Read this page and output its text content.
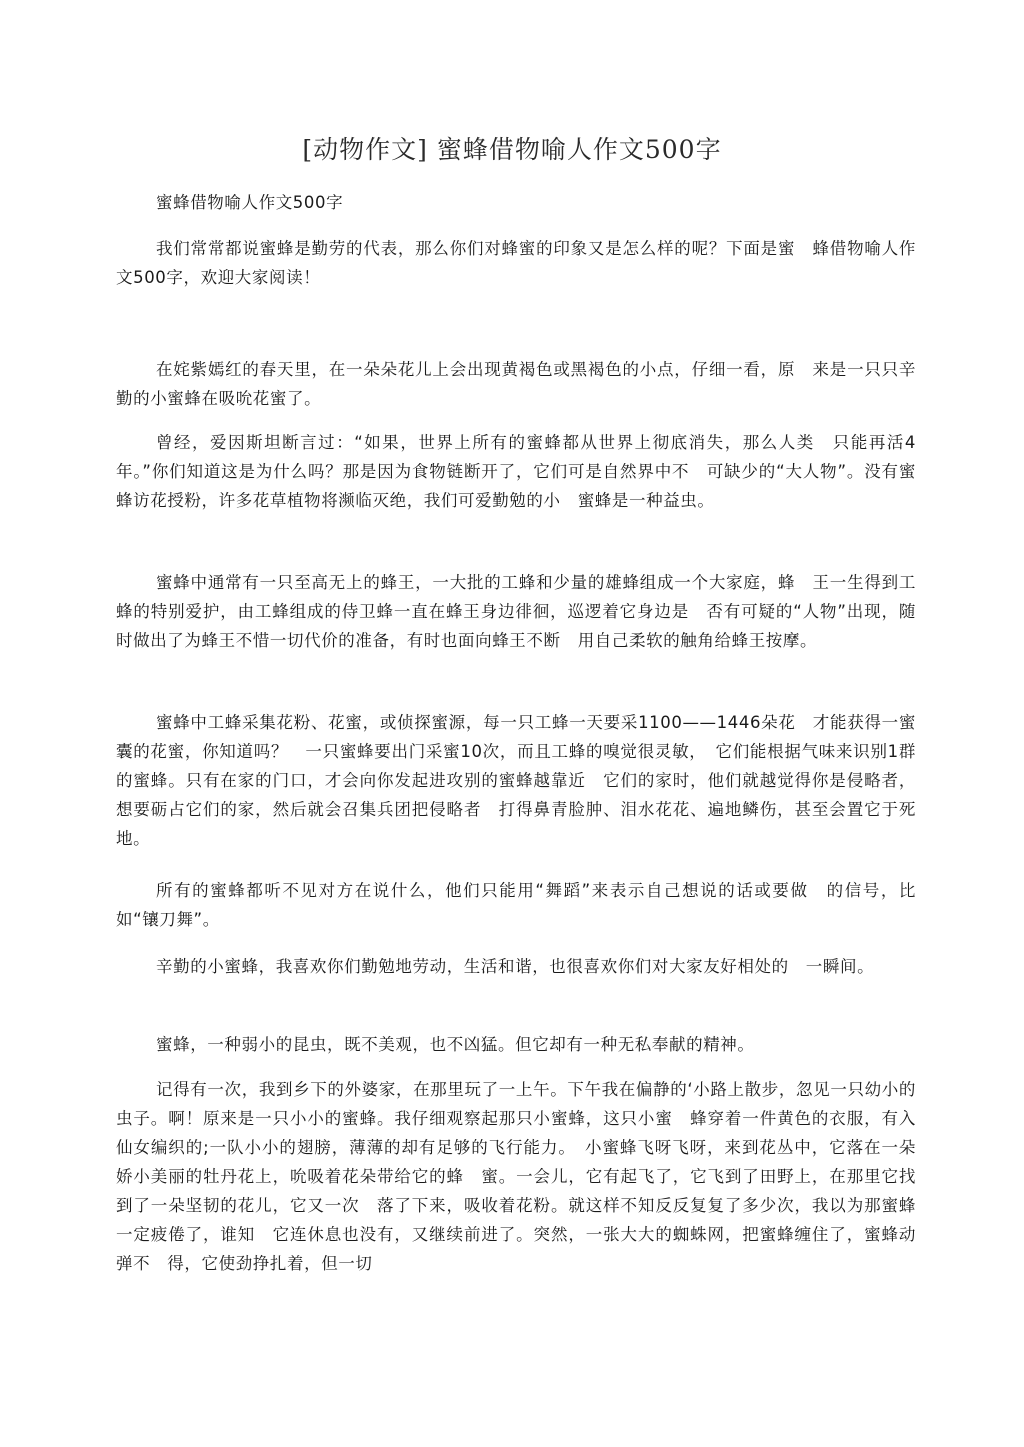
[动物作文] 蜜蜂借物喻人作文500字

蜜蜂借物喻人作文500字

我们常常都说蜜蜂是勤劳的代表，那么你们对蜂蜜的印象又是怎么样的呢？下面是蜜　蜂借物喻人作文500字，欢迎大家阅读！

在姹紫嫣红的春天里，在一朵朵花儿上会出现黄褐色或黑褐色的小点，仔细一看，原　来是一只只辛勤的小蜜蜂在吸吮花蜜了。

曾经，爱因斯坦断言过：“如果，世界上所有的蜜蜂都从世界上彻底消失，那么人类　只能再活4年。”你们知道这是为什么吗？那是因为食物链断开了，它们可是自然界中不　可缺少的“大人物”。没有蜜蜂访花授粉，许多花草植物将濒临灭绝，我们可爱勤勉的小　蜜蜂是一种益虫。

蜜蜂中通常有一只至高无上的蜂王，一大批的工蜂和少量的雄蜂组成一个大家庭，蜂　王一生得到工蜂的特别爱护，由工蜂组成的侍卫蜂一直在蜂王身边徘徊，巡逻着它身边是　否有可疑的“人物”出现，随时做出了为蜂王不惜一切代价的准备，有时也面向蜂王不断　用自己柔软的触角给蜂王按摩。

蜜蜂中工蜂采集花粉、花蜜，或侦探蜜源，每一只工蜂一天要采1100——1446朵花　才能获得一蜜囊的花蜜，你知道吗？　一只蜜蜂要出门采蜜10次，而且工蜂的嗅觉很灵敏，　它们能根据气味来识别1群的蜜蜂。只有在家的门口，才会向你发起进攻别的蜜蜂越靠近　它们的家时，他们就越觉得你是侵略者，想要砺占它们的家，然后就会召集兵团把侵略者　打得鼻青脸肿、泪水花花、遍地鳞伤，甚至会置它于死地。

所有的蜜蜂都听不见对方在说什么，他们只能用“舞蹈”来表示自己想说的话或要做　的信号，比如“镶刀舞”。

辛勤的小蜜蜂，我喜欢你们勤勉地劳动，生活和谐，也很喜欢你们对大家友好相处的　一瞬间。

蜜蜂，一种弱小的昆虫，既不美观，也不凶猛。但它却有一种无私奉献的精神。

记得有一次，我到乡下的外婆家，在那里玩了一上午。下午我在偏静的‘小路上散步，忽见一只幼小的虫子。啊！原来是一只小小的蜜蜂。我仔细观察起那只小蜜蜂，这只小蜜　蜂穿着一件黄色的衣服，有入仙女编织的;一队小小的翅膀，薄薄的却有足够的飞行能力。　小蜜蜂飞呀飞呀，来到花丛中，它落在一朵娇小美丽的牡丹花上，吮吸着花朵带给它的蜂　蜜。一会儿，它有起飞了，它飞到了田野上，在那里它找到了一朵坚韧的花儿，它又一次　落了下来，吸收着花粉。就这样不知反反复复了多少次，我以为那蜜蜂一定疲倦了，谁知　它连休息也没有，又继续前进了。突然，一张大大的蜘蛛网，把蜜蜂缠住了，蜜蜂动弹不　得，它使劲挣扎着，但一切
